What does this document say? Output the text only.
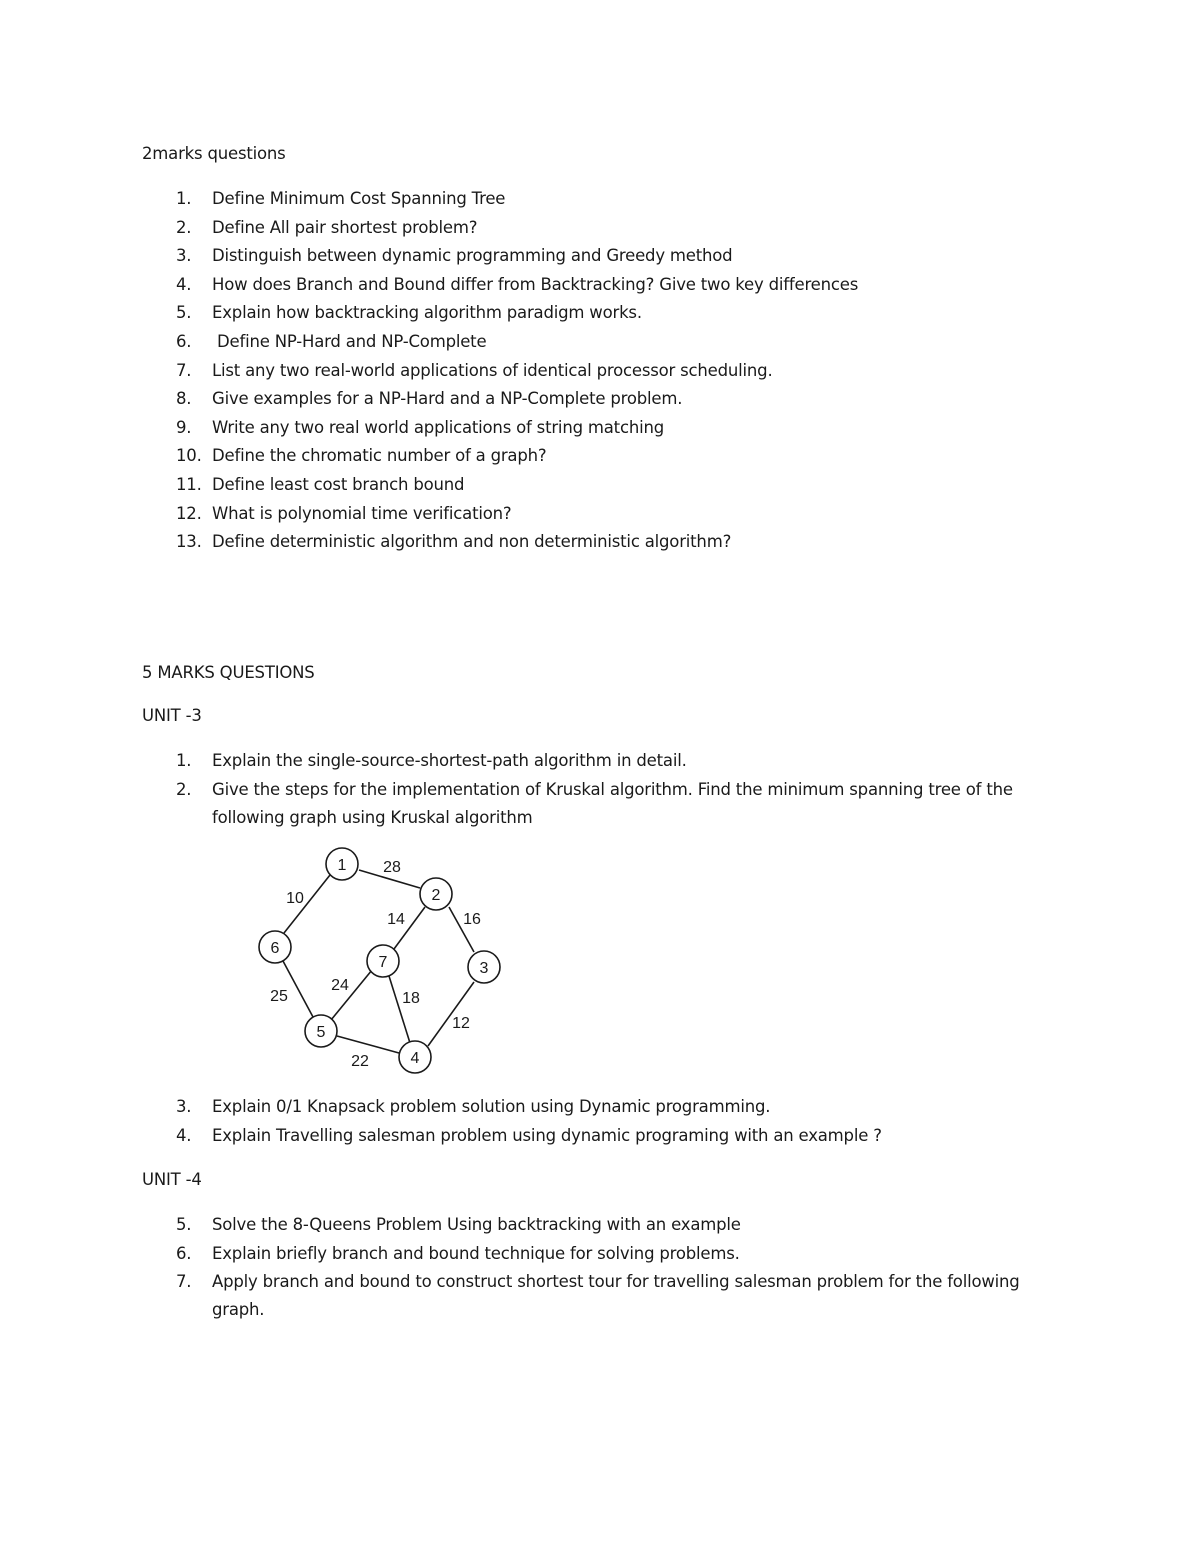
2marks questions
1. Define Minimum Cost Spanning Tree
2. Define All pair shortest problem?
3. Distinguish between dynamic programming and Greedy method
4. How does Branch and Bound differ from Backtracking? Give two key differences
5. Explain how backtracking algorithm paradigm works.
6.	Define NP-Hard and NP-Complete
7. List any two real-world applications of identical processor scheduling.
8. Give examples for a NP-Hard and a NP-Complete problem.
9. Write any two real world applications of string matching
10. Define the chromatic number of a graph?
11. Define least cost branch bound
12. What is polynomial time verification?
13. Define deterministic algorithm and non deterministic algorithm?
5 MARKS QUESTIONS
UNIT -3
1. Explain the single-source-shortest-path algorithm in detail.
2. Give the steps for the implementation of Kruskal algorithm. Find the minimum spanning tree of the following graph using Kruskal algorithm
1
2
3
4
5
6
7
28
10
14	16
25
24
18
12
22
3. Explain 0/1 Knapsack problem solution using Dynamic programming.
4. Explain Travelling salesman problem using dynamic programing with an example ?
UNIT -4
5. Solve the 8-Queens Problem Using backtracking with an example
6. Explain briefly branch and bound technique for solving problems.
7. Apply branch and bound to construct shortest tour for travelling salesman problem for the following graph.
